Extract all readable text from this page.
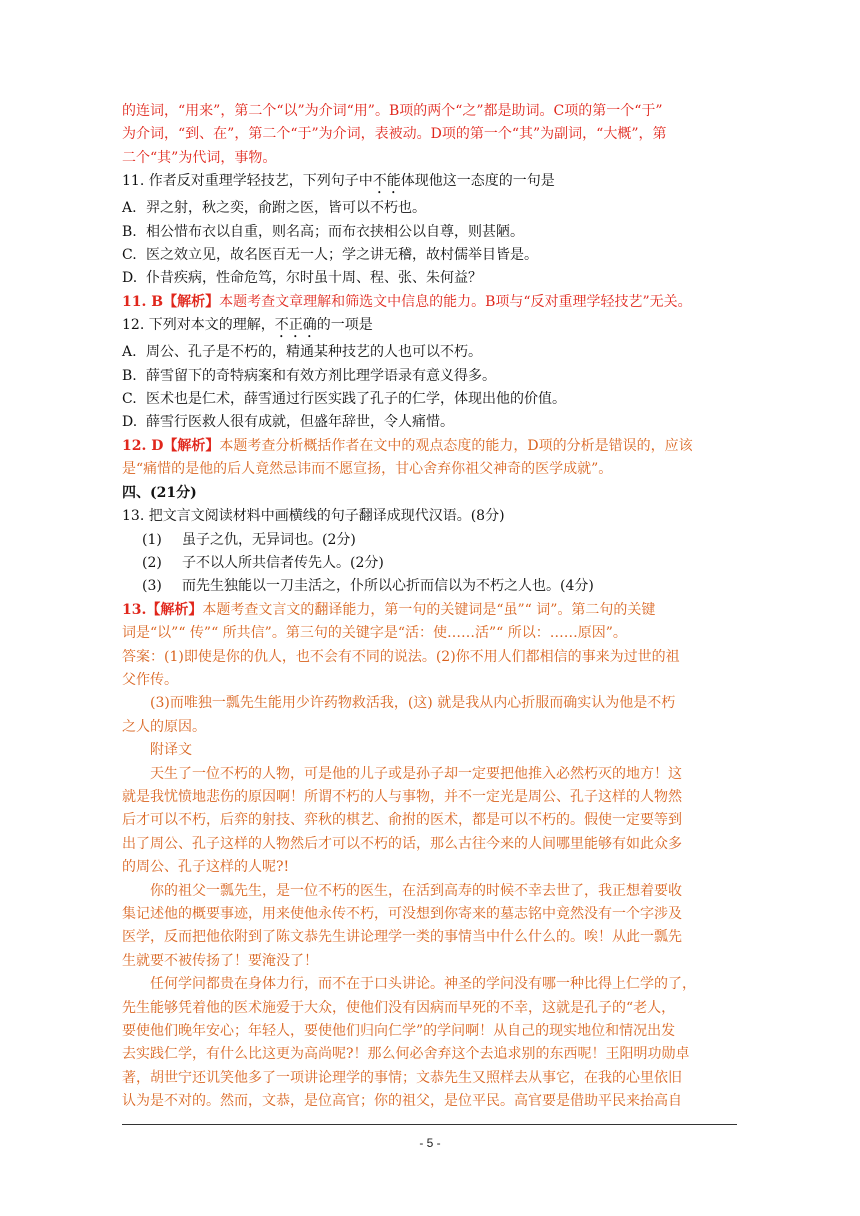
的连词，“用来”，第二个“以”为介词“用”。B项的两个“之”都是助词。C项的第一个“于”

为介词，“到、在”，第二个“于”为介词，表被动。D项的第一个“其”为副词，“大概”，第

二个“其”为代词，事物。

11. 作者反对重理学轻技艺，下列句子中不能体现他这一态度的一句是

A. 羿之射，秋之奕，俞跗之医，皆可以不朽也。

B. 相公惜布衣以自重，则名高；而布衣挟相公以自尊，则甚陋。

C. 医之效立见，故名医百无一人；学之讲无稽，故村儒举目皆是。

D. 仆昔疾病，性命危笃，尔时虽十周、程、张、朱何益？

11. B【解析】本题考查文章理解和筛选文中信息的能力。B项与“反对重理学轻技艺”无关。

12. 下列对本文的理解，不正确的一项是

A. 周公、孔子是不朽的，精通某种技艺的人也可以不朽。

B. 薛雪留下的奇特病案和有效方剂比理学语录有意义得多。

C. 医术也是仁术，薛雪通过行医实践了孔子的仁学，体现出他的价值。

D. 薛雪行医救人很有成就，但盛年辞世，令人痛惜。

12. D【解析】本题考查分析概括作者在文中的观点态度的能力，D项的分析是错误的，应该

是“痛惜的是他的后人竟然忌讳而不愿宣扬，甘心舍弃你祖父神奇的医学成就”。

四、(21分)

13. 把文言文阅读材料中画横线的句子翻译成现代汉语。(8分)

(1) 虽子之仇，无异词也。(2分)

(2) 子不以人所共信者传先人。(2分)

(3) 而先生独能以一刀圭活之，仆所以心折而信以为不朽之人也。(4分)

13.【解析】本题考查文言文的翻译能力，第一句的关键词是“虽”“ 词”。第二句的关键

词是“以”“ 传”“ 所共信”。第三句的关键字是“活：使……活”“ 所以：……原因”。

答案：(1)即使是你的仇人，也不会有不同的说法。(2)你不用人们都相信的事来为过世的祖

父作传。

(3)而唯独一瓢先生能用少许药物救活我，(这) 就是我从内心折服而确实认为他是不朽

之人的原因。

附译文

天生了一位不朽的人物，可是他的儿子或是孙子却一定要把他推入必然朽灭的地方！这

就是我忧愤地悲伤的原因啊！所谓不朽的人与事物，并不一定光是周公、孔子这样的人物然

后才可以不朽，后弈的射技、弈秋的棋艺、俞拊的医术，都是可以不朽的。假使一定要等到

出了周公、孔子这样的人物然后才可以不朽的话，那么古往今来的人间哪里能够有如此众多

的周公、孔子这样的人呢?!

你的祖父一瓢先生，是一位不朽的医生，在活到高寿的时候不幸去世了，我正想着要收

集记述他的概要事迹，用来使他永传不朽，可没想到你寄来的墓志铭中竟然没有一个字涉及

医学，反而把他依附到了陈文恭先生讲论理学一类的事情当中什么什么的。唉！从此一瓢先

生就要不被传扬了！要淹没了！

任何学问都贵在身体力行，而不在于口头讲论。神圣的学问没有哪一种比得上仁学的了，

先生能够凭着他的医术施爱于大众，使他们没有因病而早死的不幸，这就是孔子的“老人，

要使他们晚年安心；年轻人，要使他们归向仁学”的学问啊！从自己的现实地位和情况出发

去实践仁学，有什么比这更为高尚呢?！那么何必舍弃这个去追求别的东西呢！王阳明功勋卓

著，胡世宁还讥笑他多了一项讲论理学的事情；文恭先生又照样去从事它，在我的心里依旧

认为是不对的。然而，文恭，是位高官；你的祖父，是位平民。高官要是借助平民来抬高自

- 5 -
